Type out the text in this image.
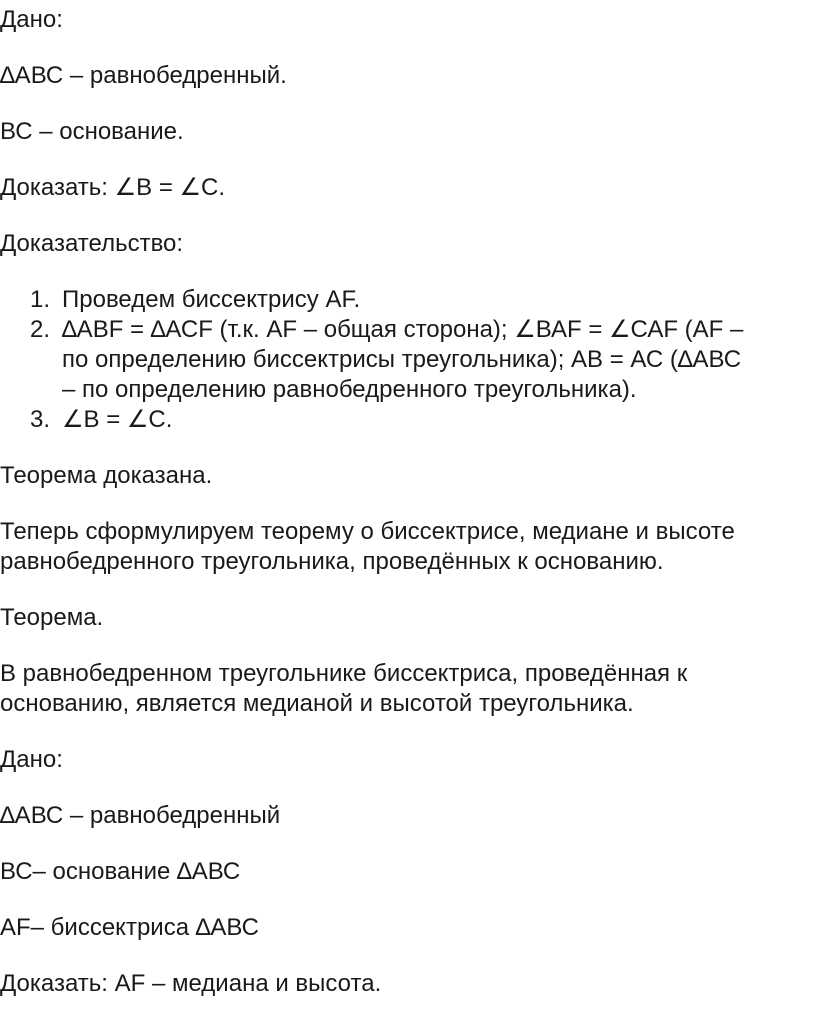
Дано:
∆АВС – равнобедренный.
ВС – основание.
Доказать: ∠В = ∠С.
Доказательство:
1. Проведем биссектрису АF.
2. ∆АВF = ∆АСF (т.к. АF – общая сторона); ∠ВАF = ∠САF (АF –
по определению биссектрисы треугольника); АВ = АС (∆АВС
– по определению равнобедренного треугольника).
3. ∠В = ∠С.
Теорема доказана.
Теперь сформулируем теорему о биссектрисе, медиане и высоте
равнобедренного треугольника, проведённых к основанию.
Теорема.
В равнобедренном треугольнике биссектриса, проведённая к
основанию, является медианой и высотой треугольника.
Дано:
∆АВС – равнобедренный
ВС– основание ∆АВС
АF– биссектриса ∆АВС
Доказать: АF – медиана и высота.
